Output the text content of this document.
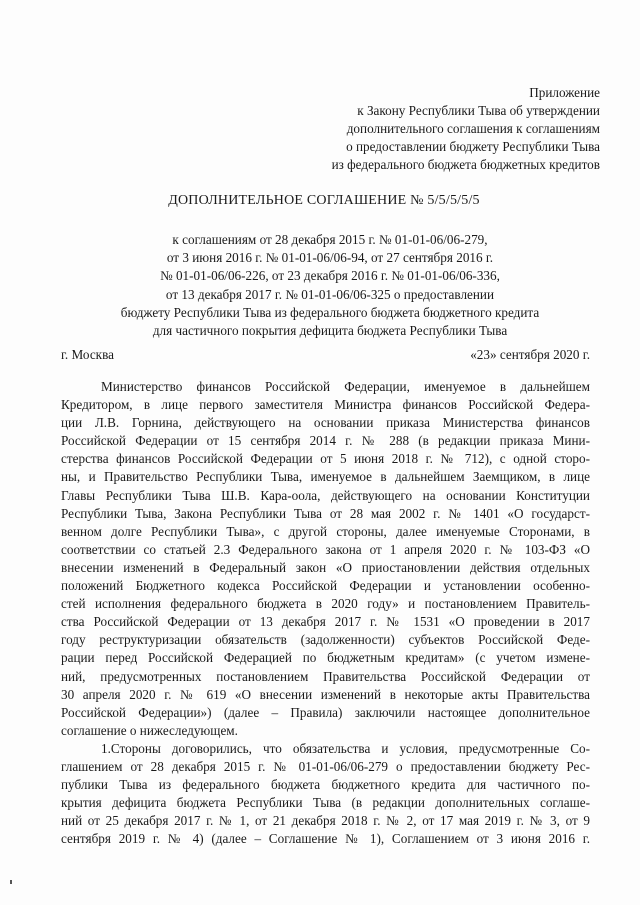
Приложение
к Закону Республики Тыва об утверждении
дополнительного соглашения к соглашениям
о предоставлении бюджету Республики Тыва
из федерального бюджета бюджетных кредитов
ДОПОЛНИТЕЛЬНОЕ СОГЛАШЕНИЕ № 5/5/5/5/5
к соглашениям от 28 декабря 2015 г. № 01-01-06/06-279,
от 3 июня 2016 г. № 01-01-06/06-94, от 27 сентября 2016 г.
№ 01-01-06/06-226, от 23 декабря 2016 г. № 01-01-06/06-336,
от 13 декабря 2017 г. № 01-01-06/06-325 о предоставлении
бюджету Республики Тыва из федерального бюджета бюджетного кредита
для частичного покрытия дефицита бюджета Республики Тыва
г. Москва	«23» сентября 2020 г.
Министерство финансов Российской Федерации, именуемое в дальнейшем
Кредитором, в лице первого заместителя Министра финансов Российской Федера-
ции Л.В. Горнина, действующего на основании приказа Министерства финансов
Российской Федерации от 15 сентября 2014 г. № 288 (в редакции приказа Мини-
стерства финансов Российской Федерации от 5 июня 2018 г. № 712), с одной сторо-
ны, и Правительство Республики Тыва, именуемое в дальнейшем Заемщиком, в лице
Главы Республики Тыва Ш.В. Кара-оола, действующего на основании Конституции
Республики Тыва, Закона Республики Тыва от 28 мая 2002 г. № 1401 «О государст-
венном долге Республики Тыва», с другой стороны, далее именуемые Сторонами, в
соответствии со статьей 2.3 Федерального закона от 1 апреля 2020 г. № 103-ФЗ «О
внесении изменений в Федеральный закон «О приостановлении действия отдельных
положений Бюджетного кодекса Российской Федерации и установлении особенно-
стей исполнения федерального бюджета в 2020 году» и постановлением Правитель-
ства Российской Федерации от 13 декабря 2017 г. № 1531 «О проведении в 2017
году реструктуризации обязательств (задолженности) субъектов Российской Феде-
рации перед Российской Федерацией по бюджетным кредитам» (с учетом измене-
ний, предусмотренных постановлением Правительства Российской Федерации от
30 апреля 2020 г. № 619 «О внесении изменений в некоторые акты Правительства
Российской Федерации») (далее – Правила) заключили настоящее дополнительное
соглашение о нижеследующем.
1.Стороны договорились, что обязательства и условия, предусмотренные Со-
глашением от 28 декабря 2015 г. № 01-01-06/06-279 о предоставлении бюджету Рес-
публики Тыва из федерального бюджета бюджетного кредита для частичного по-
крытия дефицита бюджета Республики Тыва (в редакции дополнительных соглаше-
ний от 25 декабря 2017 г. № 1, от 21 декабря 2018 г. № 2, от 17 мая 2019 г. № 3, от 9
сентября 2019 г. № 4) (далее – Соглашение № 1), Соглашением от 3 июня 2016 г.
